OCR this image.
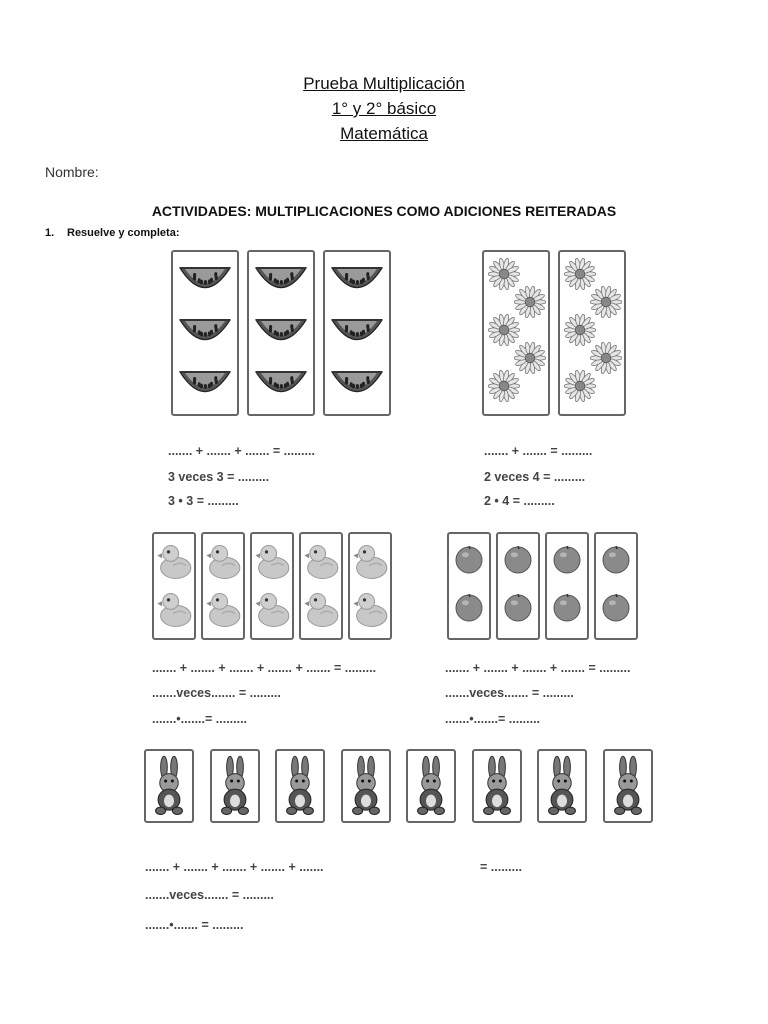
Prueba Multiplicación
1° y 2° básico
Matemática
Nombre:
ACTIVIDADES: MULTIPLICACIONES COMO ADICIONES REITERADAS
1. Resuelve y completa:
....... + ....... + ....... = .........
3 veces 3 = .........
3 • 3 = .........
....... + ....... = .........
2 veces 4 = .........
2 • 4 = .........
....... + ....... + ....... + ....... + ....... = .........
.......veces....... = .........
.......•.......= .........
....... + ....... + ....... + ....... = .........
.......veces....... = .........
.......•.......= .........
....... + ....... + ....... + ....... + .......	= .........
.......veces....... = .........
.......•....... = .........
